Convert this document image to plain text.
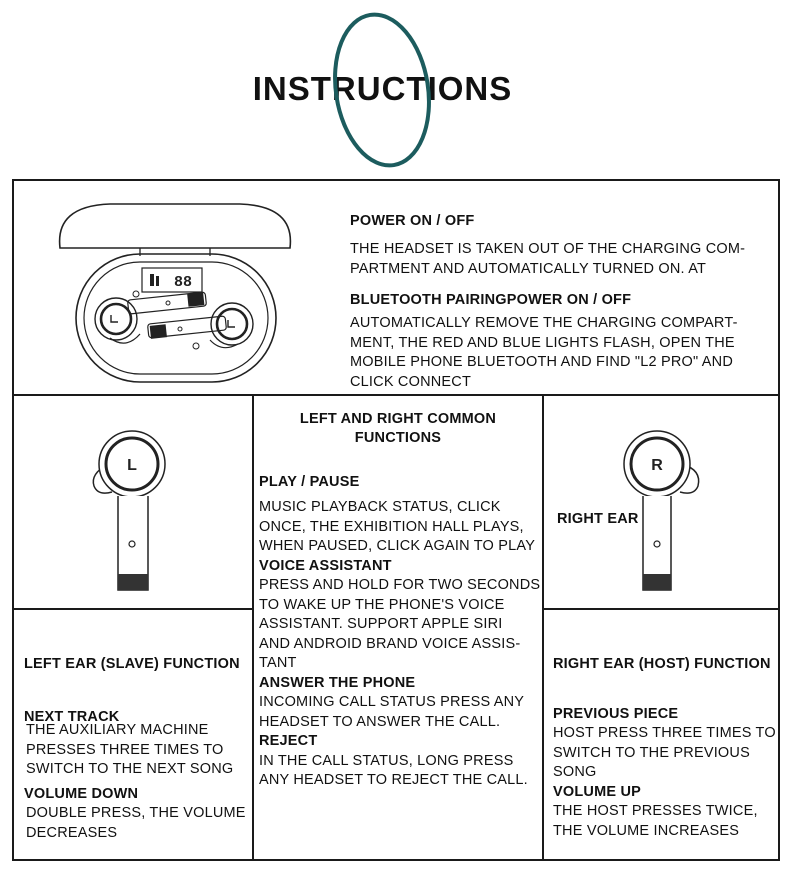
INSTRUCTIONS
88
POWER ON / OFF
THE HEADSET IS TAKEN OUT OF THE CHARGING COM-
PARTMENT AND AUTOMATICALLY TURNED ON. AT
BLUETOOTH PAIRINGPOWER ON / OFF
AUTOMATICALLY REMOVE THE CHARGING COMPART-
MENT, THE RED AND BLUE LIGHTS FLASH, OPEN THE
MOBILE PHONE BLUETOOTH AND FIND "L2 PRO" AND
CLICK CONNECT
L	R
RIGHT EAR
LEFT AND RIGHT COMMON
FUNCTIONS
PLAY / PAUSE
MUSIC PLAYBACK STATUS, CLICK
ONCE, THE EXHIBITION HALL PLAYS,
WHEN PAUSED, CLICK AGAIN TO PLAY
VOICE ASSISTANT
PRESS AND HOLD FOR TWO SECONDS
TO WAKE UP THE PHONE'S VOICE
ASSISTANT. SUPPORT APPLE SIRI
AND ANDROID BRAND VOICE ASSIS-
TANT
ANSWER THE PHONE
INCOMING CALL STATUS PRESS ANY
HEADSET TO ANSWER THE CALL.
REJECT
IN THE CALL STATUS, LONG PRESS
ANY HEADSET TO REJECT THE CALL.
LEFT EAR (SLAVE) FUNCTION
NEXT TRACK
THE AUXILIARY MACHINE
PRESSES THREE TIMES TO
SWITCH TO THE NEXT SONG
VOLUME DOWN
DOUBLE PRESS, THE VOLUME
DECREASES
RIGHT EAR (HOST) FUNCTION
PREVIOUS PIECE
HOST PRESS THREE TIMES TO
SWITCH TO THE PREVIOUS
SONG
VOLUME UP
THE HOST PRESSES TWICE,
THE VOLUME INCREASES
